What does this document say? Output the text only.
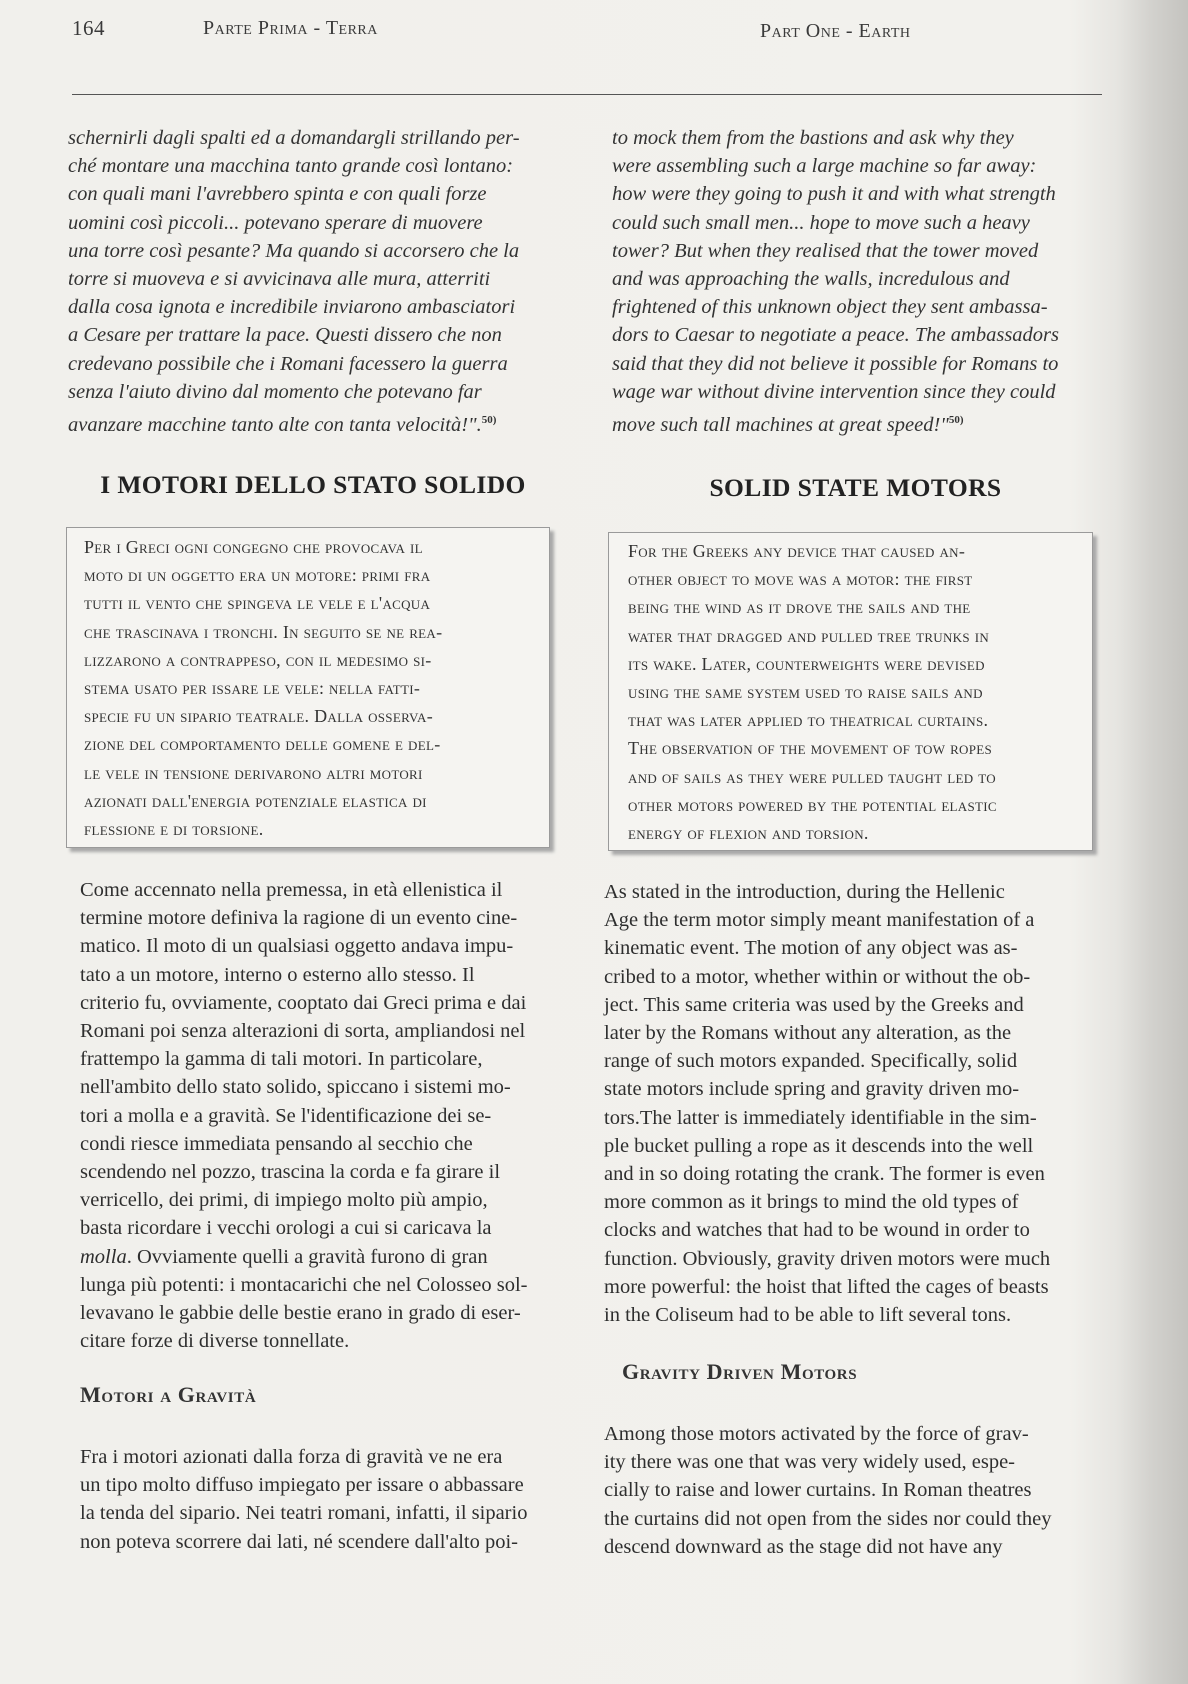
164	Parte Prima - Terra	Part One - Earth

schernirli dagli spalti ed a domandargli strillando per-
ché montare una macchina tanto grande così lontano:
con quali mani l'avrebbero spinta e con quali forze
uomini così piccoli... potevano sperare di muovere
una torre così pesante? Ma quando si accorsero che la
torre si muoveva e si avvicinava alle mura, atterriti
dalla cosa ignota e incredibile inviarono ambasciatori
a Cesare per trattare la pace. Questi dissero che non
credevano possibile che i Romani facessero la guerra
senza l'aiuto divino dal momento che potevano far
avanzare macchine tanto alte con tanta velocità!".$^{50)}$

to mock them from the bastions and ask why they
were assembling such a large machine so far away:
how were they going to push it and with what strength
could such small men... hope to move such a heavy
tower? But when they realised that the tower moved
and was approaching the walls, incredulous and
frightened of this unknown object they sent ambassa-
dors to Caesar to negotiate a peace. The ambassadors
said that they did not believe it possible for Romans to
wage war without divine intervention since they could
move such tall machines at great speed!"$^{50)}$

I MOTORI DELLO STATO SOLIDO	SOLID STATE MOTORS
Per i Greci ogni congegno che provocava il
moto di un oggetto era un motore: primi fra
tutti il vento che spingeva le vele e l'acqua
che trascinava i tronchi. In seguito se ne rea-
lizzarono a contrappeso, con il medesimo si-
stema usato per issare le vele: nella fatti-
specie fu un sipario teatrale. Dalla osserva-
zione del comportamento delle gomene e del-
le vele in tensione derivarono altri motori
azionati dall'energia potenziale elastica di
flessione e di torsione.
For the Greeks any device that caused an-
other object to move was a motor: the first
being the wind as it drove the sails and the
water that dragged and pulled tree trunks in
its wake. Later, counterweights were devised
using the same system used to raise sails and
that was later applied to theatrical curtains.
The observation of the movement of tow ropes
and of sails as they were pulled taught led to
other motors powered by the potential elastic
energy of flexion and torsion.

Come accennato nella premessa, in età ellenistica il
termine motore definiva la ragione di un evento cine-
matico. Il moto di un qualsiasi oggetto andava impu-
tato a un motore, interno o esterno allo stesso. Il
criterio fu, ovviamente, cooptato dai Greci prima e dai
Romani poi senza alterazioni di sorta, ampliandosi nel
frattempo la gamma di tali motori. In particolare,
nell'ambito dello stato solido, spiccano i sistemi mo-
tori a molla e a gravità. Se l'identificazione dei se-
condi riesce immediata pensando al secchio che
scendendo nel pozzo, trascina la corda e fa girare il
verricello, dei primi, di impiego molto più ampio,
basta ricordare i vecchi orologi a cui si caricava la
molla. Ovviamente quelli a gravità furono di gran
lunga più potenti: i montacarichi che nel Colosseo sol-
levavano le gabbie delle bestie erano in grado di eser-
citare forze di diverse tonnellate.

As stated in the introduction, during the Hellenic
Age the term motor simply meant manifestation of a
kinematic event. The motion of any object was as-
cribed to a motor, whether within or without the ob-
ject. This same criteria was used by the Greeks and
later by the Romans without any alteration, as the
range of such motors expanded. Specifically, solid
state motors include spring and gravity driven mo-
tors.The latter is immediately identifiable in the sim-
ple bucket pulling a rope as it descends into the well
and in so doing rotating the crank. The former is even
more common as it brings to mind the old types of
clocks and watches that had to be wound in order to
function. Obviously, gravity driven motors were much
more powerful: the hoist that lifted the cages of beasts
in the Coliseum had to be able to lift several tons.

Motori a Gravità
Gravity Driven Motors

Fra i motori azionati dalla forza di gravità ve ne era
un tipo molto diffuso impiegato per issare o abbassare
la tenda del sipario. Nei teatri romani, infatti, il sipario
non poteva scorrere dai lati, né scendere dall'alto poi-

Among those motors activated by the force of grav-
ity there was one that was very widely used, espe-
cially to raise and lower curtains. In Roman theatres
the curtains did not open from the sides nor could they
descend downward as the stage did not have any
